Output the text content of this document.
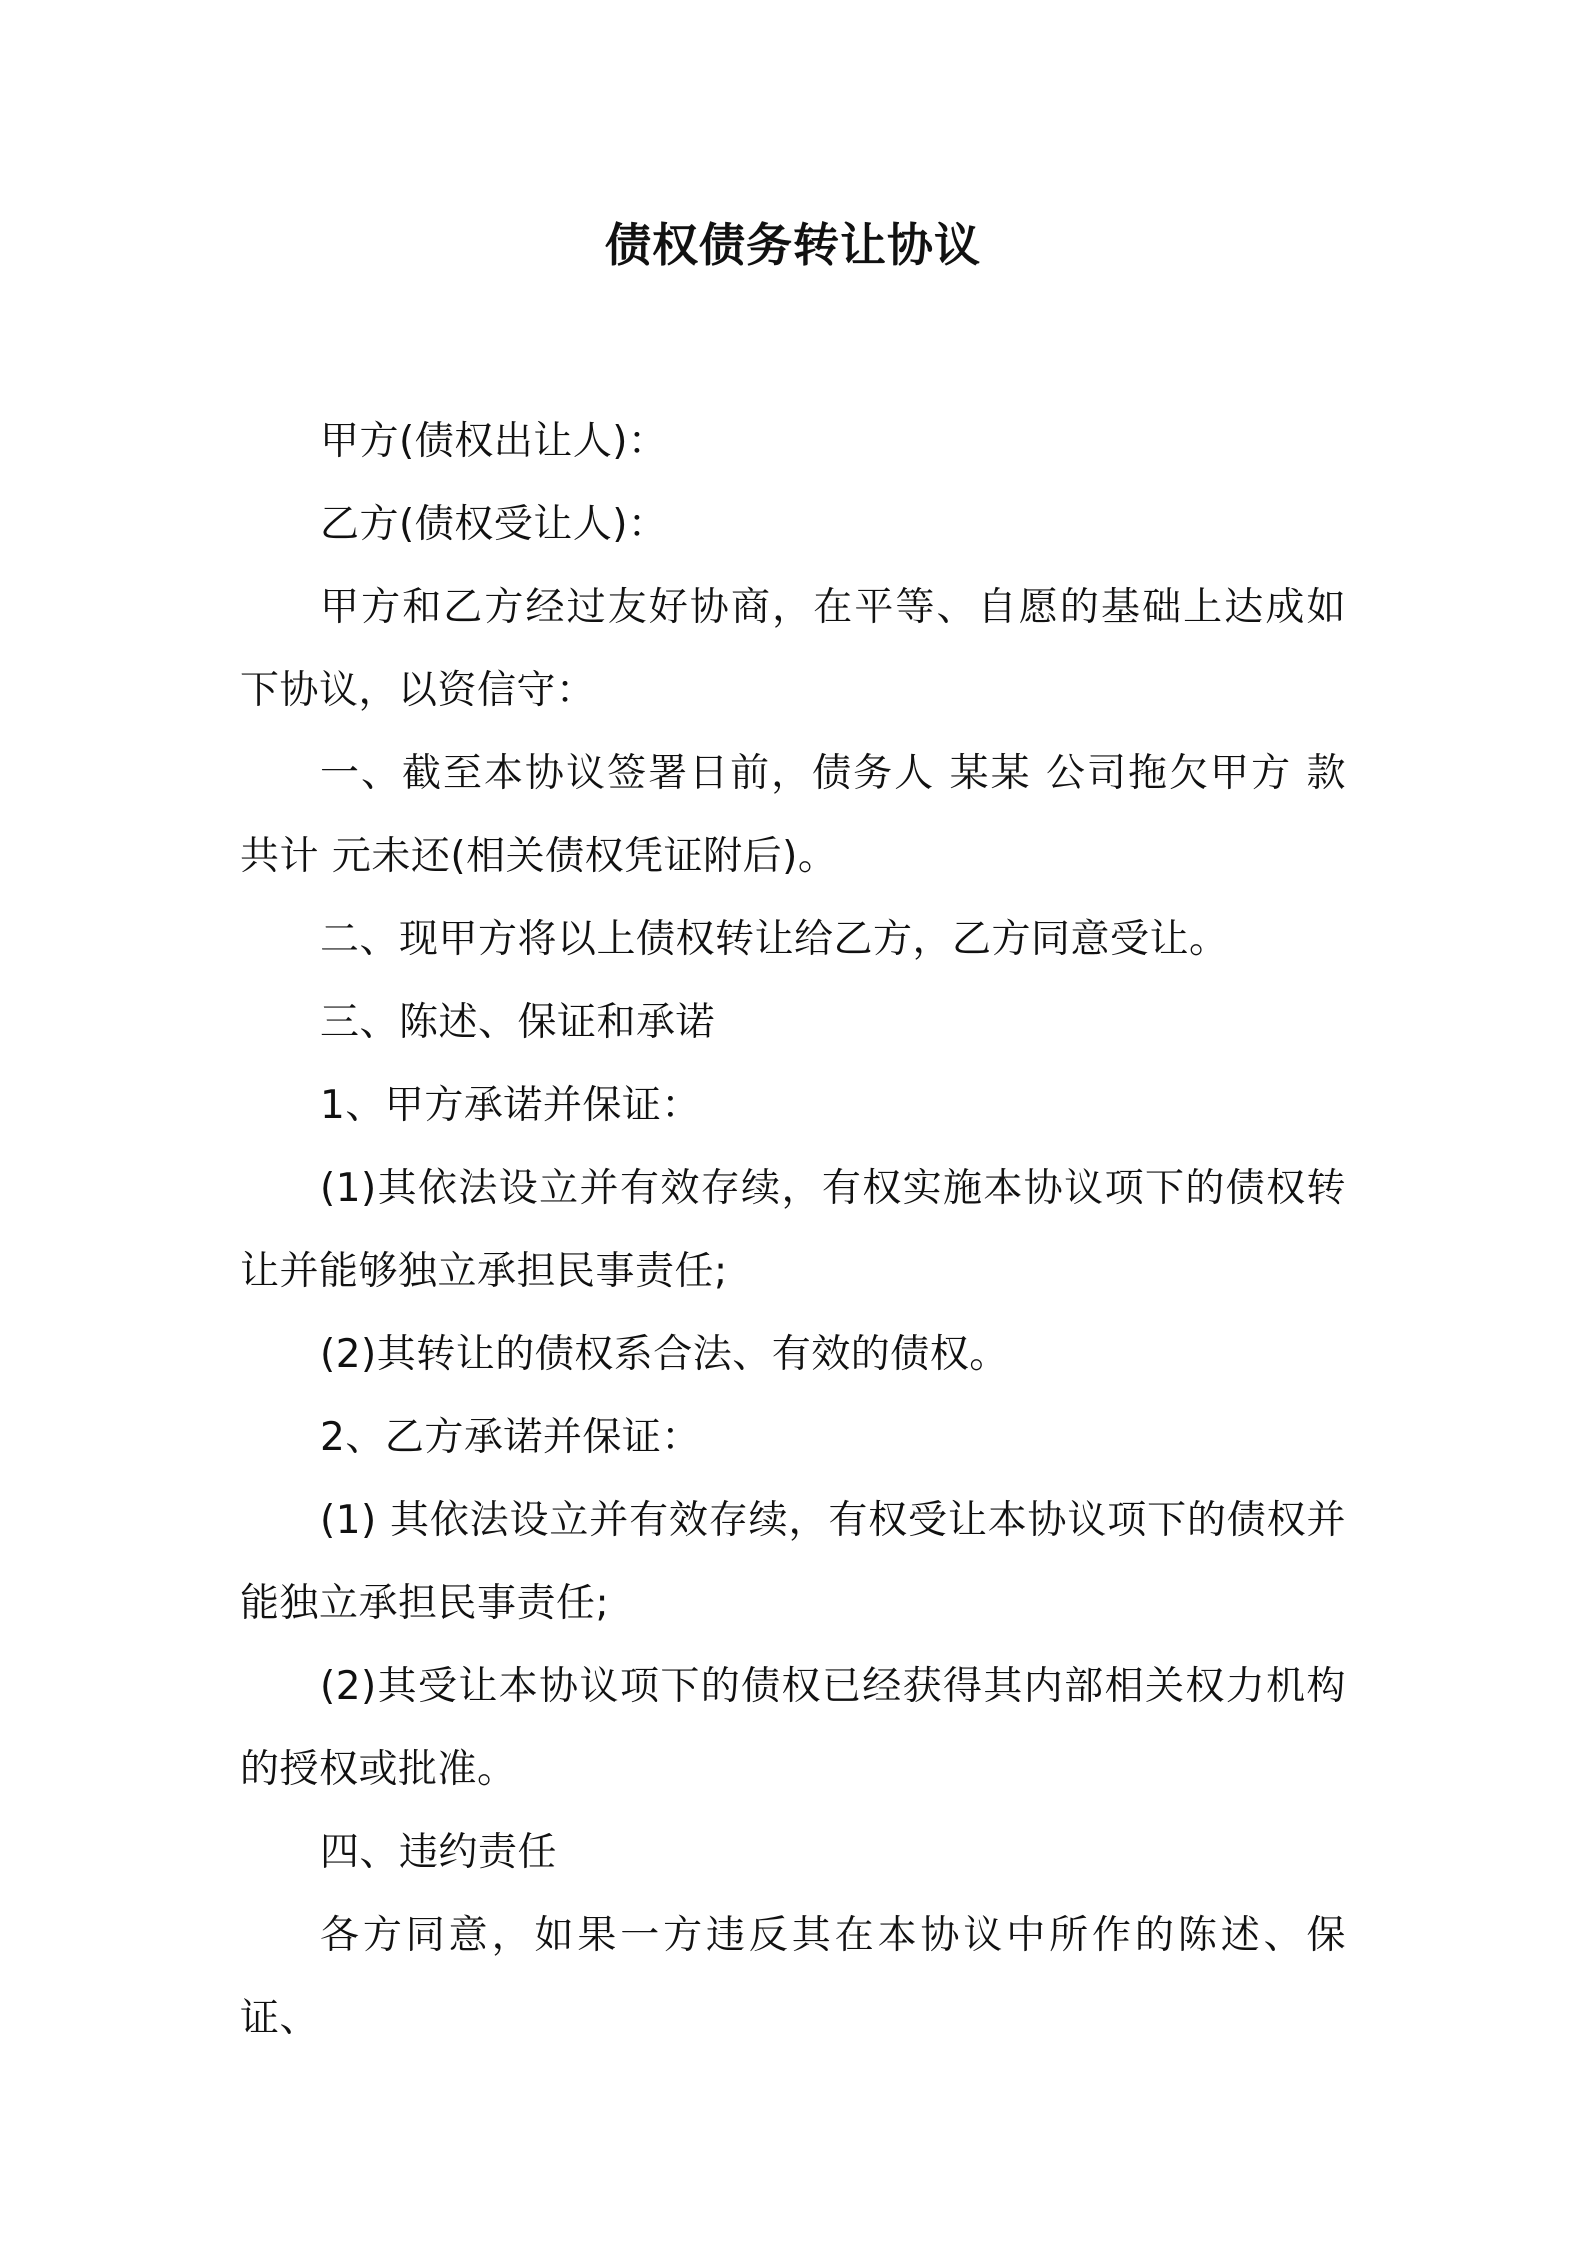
债权债务转让协议

甲方(债权出让人)：

乙方(债权受让人)：

甲方和乙方经过友好协商，在平等、自愿的基础上达成如下协议，以资信守：

一、截至本协议签署日前，债务人 某某 公司拖欠甲方 款共计 元未还(相关债权凭证附后)。

二、现甲方将以上债权转让给乙方，乙方同意受让。

三、陈述、保证和承诺

1、甲方承诺并保证：

(1)其依法设立并有效存续，有权实施本协议项下的债权转让并能够独立承担民事责任;

(2)其转让的债权系合法、有效的债权。

2、乙方承诺并保证：

(1) 其依法设立并有效存续，有权受让本协议项下的债权并能独立承担民事责任;

(2)其受让本协议项下的债权已经获得其内部相关权力机构的授权或批准。

四、违约责任

各方同意，如果一方违反其在本协议中所作的陈述、保证、
